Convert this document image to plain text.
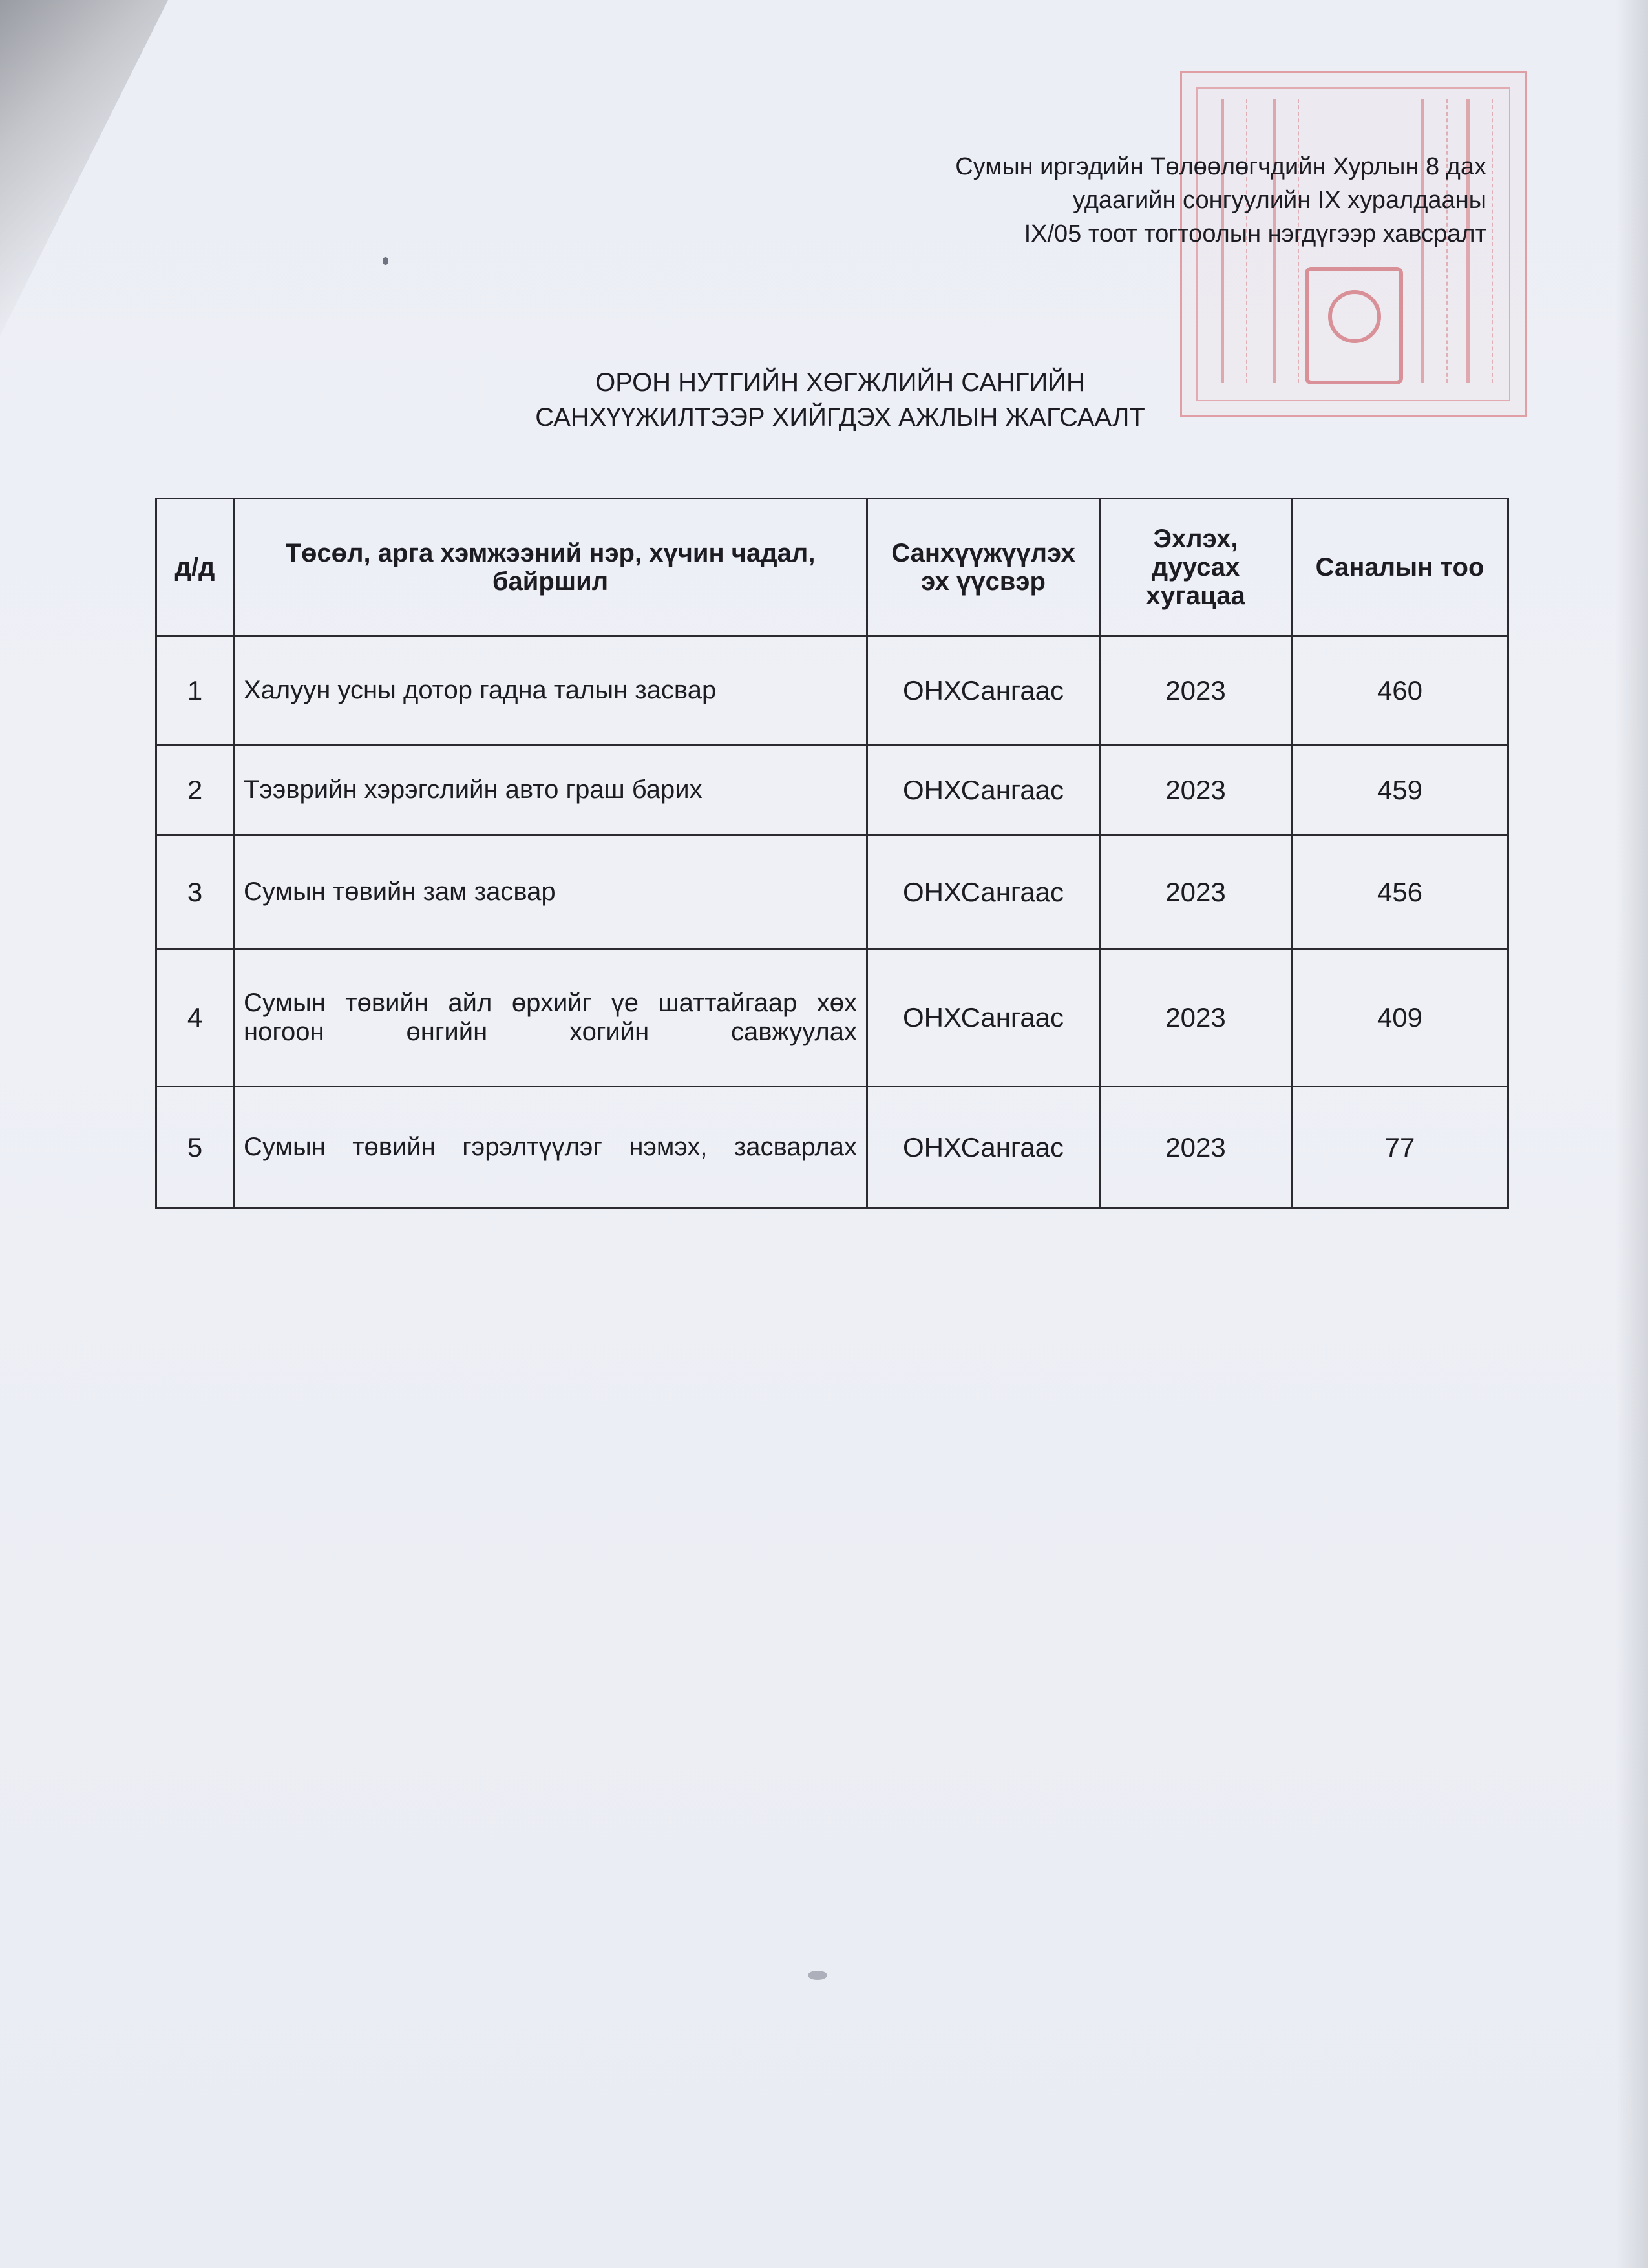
Сумын иргэдийн Төлөөлөгчдийн Хурлын 8 дах
удаагийн сонгуулийн IX хуралдааны
IX/05 тоот тогтоолын нэгдүгээр хавсралт
ОРОН НУТГИЙН ХӨГЖЛИЙН САНГИЙН
САНХҮҮЖИЛТЭЭР ХИЙГДЭХ АЖЛЫН ЖАГСААЛТ
д/д	Төсөл, арга хэмжээний нэр, хүчин чадал, байршил	Санхүүжүүлэх эх үүсвэр	Эхлэх, дуусах хугацаа	Саналын тоо
1	Халуун усны дотор гадна талын засвар	ОНХСангаас	2023	460
2	Тээврийн хэрэгслийн авто граш барих	ОНХСангаас	2023	459
3	Сумын төвийн зам засвар	ОНХСангаас	2023	456
4	Сумын төвийн айл өрхийг үе шаттайгаар хөх ногоон өнгийн хогийн савжуулах	ОНХСангаас	2023	409
5	Сумын төвийн гэрэлтүүлэг нэмэх, засварлах	ОНХСангаас	2023	77
